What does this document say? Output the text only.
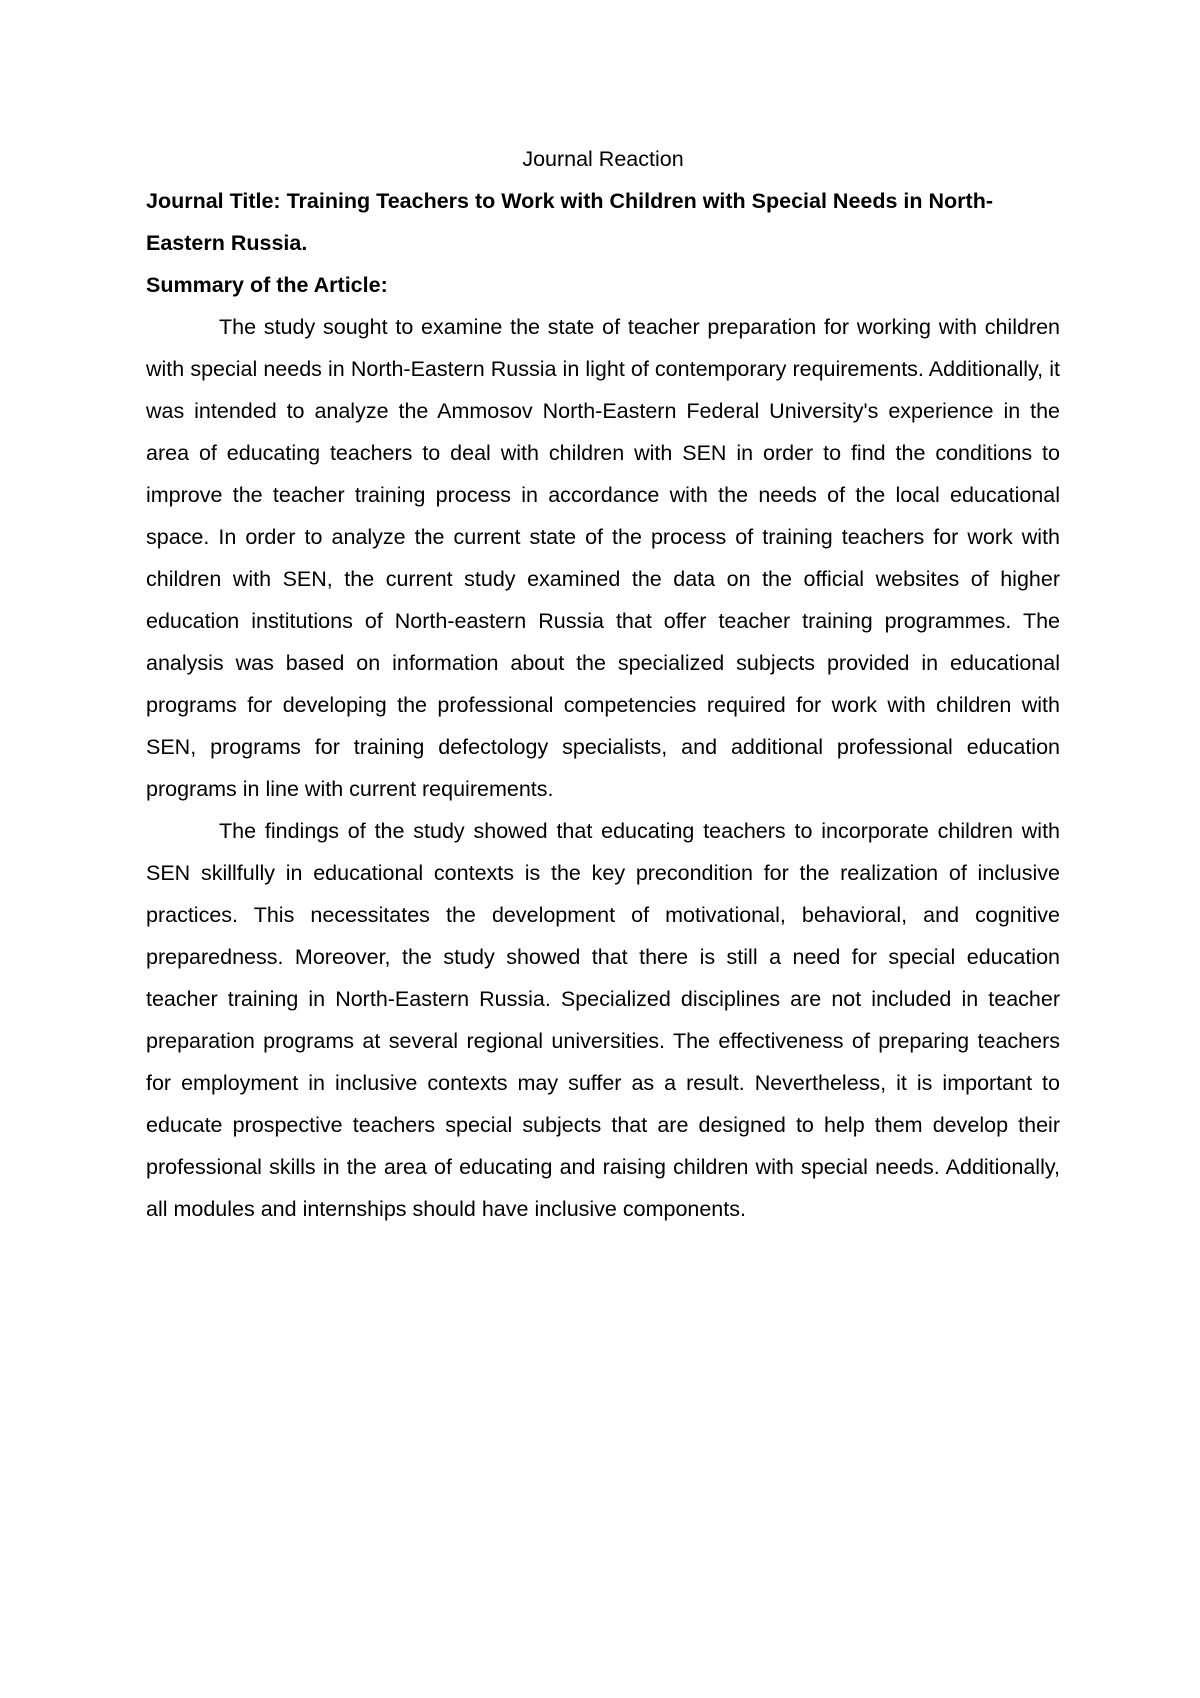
Journal Reaction

Journal Title: Training Teachers to Work with Children with Special Needs in North-Eastern Russia.

Summary of the Article:

The study sought to examine the state of teacher preparation for working with children with special needs in North-Eastern Russia in light of contemporary requirements. Additionally, it was intended to analyze the Ammosov North-Eastern Federal University's experience in the area of educating teachers to deal with children with SEN in order to find the conditions to improve the teacher training process in accordance with the needs of the local educational space. In order to analyze the current state of the process of training teachers for work with children with SEN, the current study examined the data on the official websites of higher education institutions of North-eastern Russia that offer teacher training programmes. The analysis was based on information about the specialized subjects provided in educational programs for developing the professional competencies required for work with children with SEN, programs for training defectology specialists, and additional professional education programs in line with current requirements.

The findings of the study showed that educating teachers to incorporate children with SEN skillfully in educational contexts is the key precondition for the realization of inclusive practices. This necessitates the development of motivational, behavioral, and cognitive preparedness. Moreover, the study showed that there is still a need for special education teacher training in North-Eastern Russia. Specialized disciplines are not included in teacher preparation programs at several regional universities. The effectiveness of preparing teachers for employment in inclusive contexts may suffer as a result. Nevertheless, it is important to educate prospective teachers special subjects that are designed to help them develop their professional skills in the area of educating and raising children with special needs. Additionally, all modules and internships should have inclusive components.
